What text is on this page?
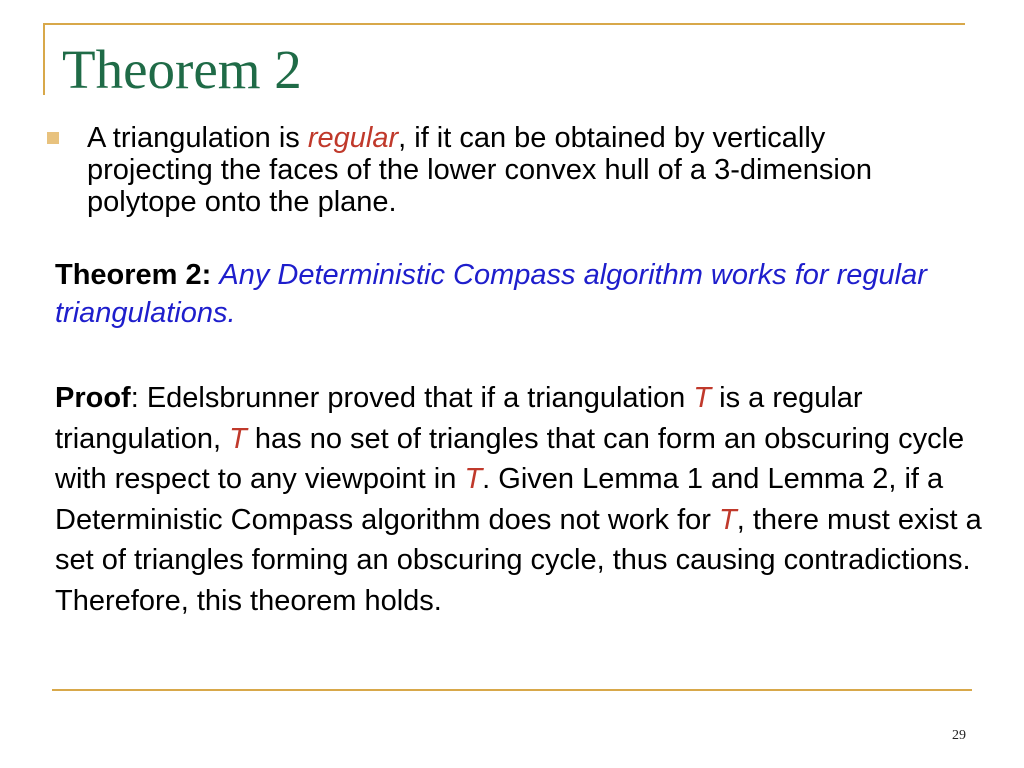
Theorem 2

A triangulation is regular, if it can be obtained by vertically projecting the faces of the lower convex hull of a 3-dimension polytope onto the plane.

Theorem 2: Any Deterministic Compass algorithm works for regular triangulations.

Proof: Edelsbrunner proved that if a triangulation T is a regular triangulation, T has no set of triangles that can form an obscuring cycle with respect to any viewpoint in T. Given Lemma 1 and Lemma 2, if a Deterministic Compass algorithm does not work for T, there must exist a set of triangles forming an obscuring cycle, thus causing contradictions. Therefore, this theorem holds.

29
